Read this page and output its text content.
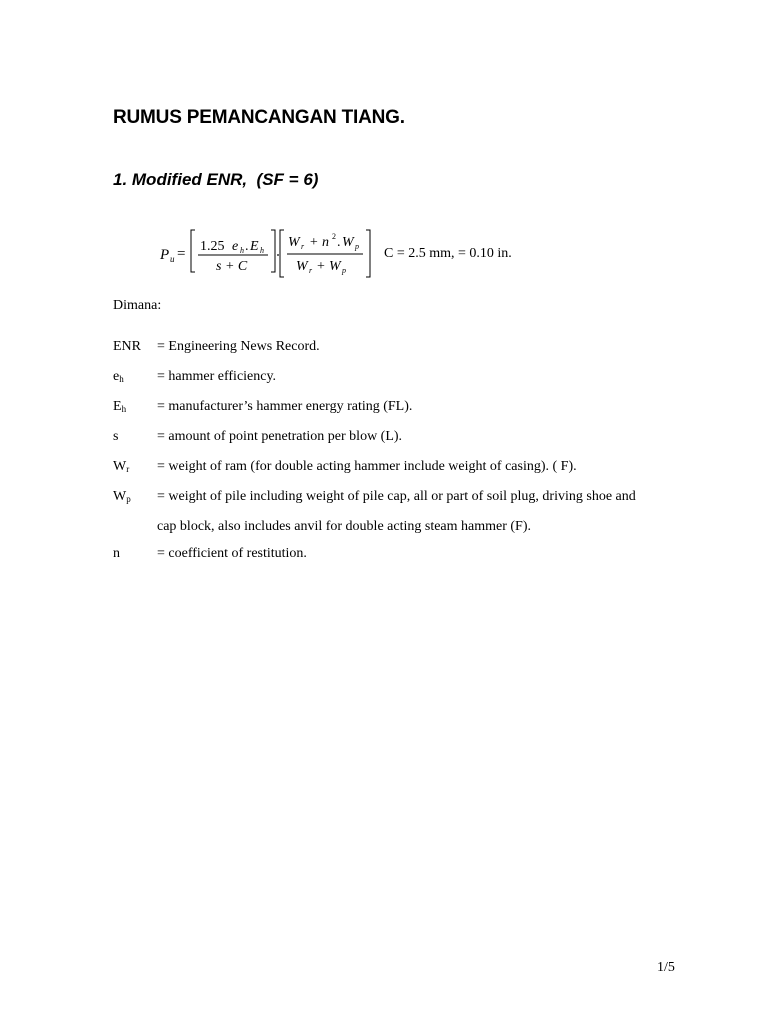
RUMUS PEMANCANGAN TIANG.
1. Modified ENR,  (SF = 6)
P u = 1.25 e h . E h
s + C
W r + n 2 . W p
W r + W p
C = 2.5 mm, = 0.10 in.
Dimana:
ENR	= Engineering News Record.
$e_h$	= hammer efficiency.
$E_h$	= manufacturer’s hammer energy rating (FL).
s	= amount of point penetration per blow (L).
$W_r$	= weight of ram (for double acting hammer include weight of casing). ( F).
$W_p$	= weight of pile including weight of pile cap, all or part of soil plug, driving shoe and
cap block, also includes anvil for double acting steam hammer (F).
n	= coefficient of restitution.
1/5
